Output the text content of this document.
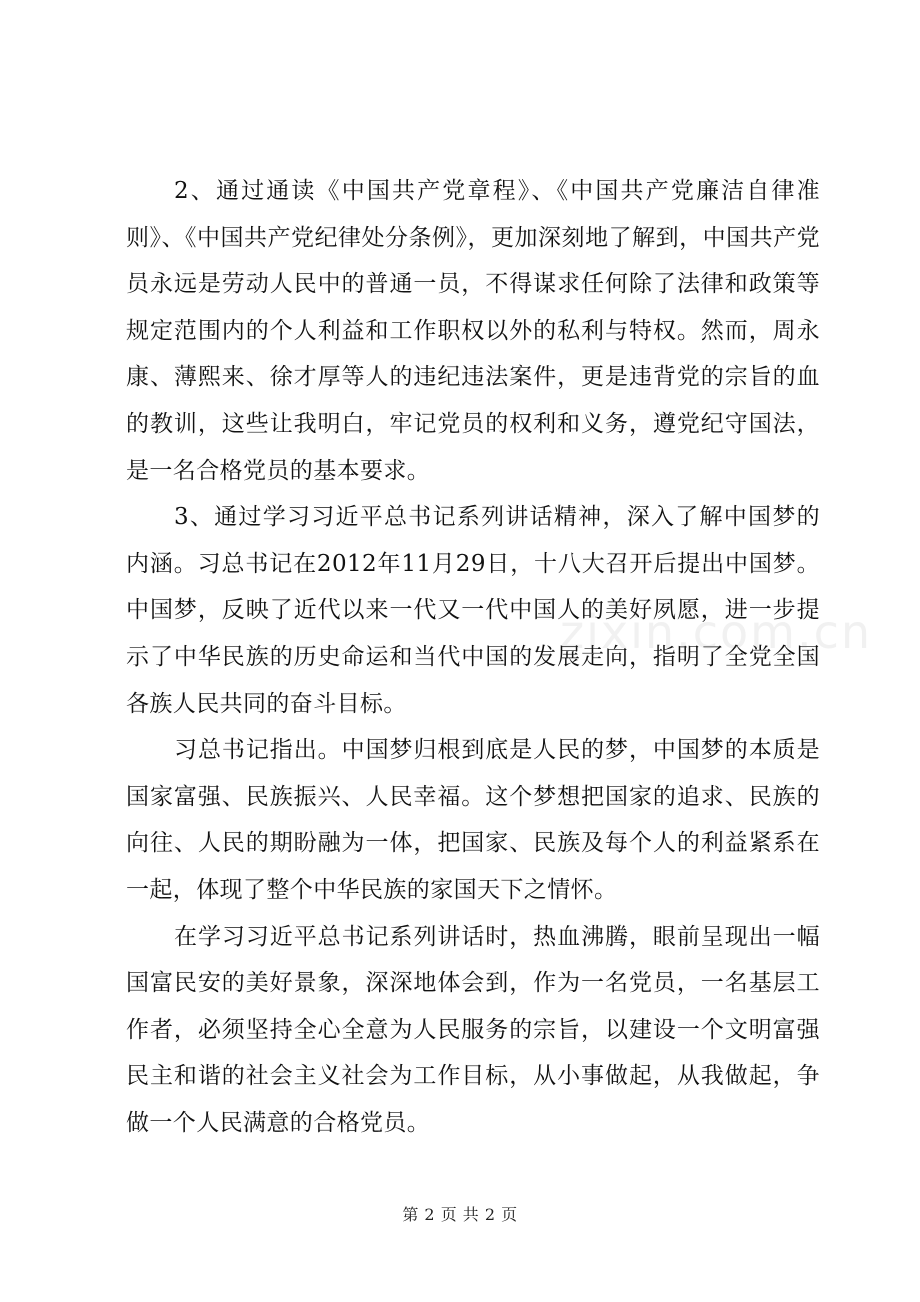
2、通过通读《中国共产党章程》、《中国共产党廉洁自律准则》、《中国共产党纪律处分条例》，更加深刻地了解到，中国共产党员永远是劳动人民中的普通一员，不得谋求任何除了法律和政策等规定范围内的个人利益和工作职权以外的私利与特权。然而，周永康、薄熙来、徐才厚等人的违纪违法案件，更是违背党的宗旨的血的教训，这些让我明白，牢记党员的权利和义务，遵党纪守国法，是一名合格党员的基本要求。

3、通过学习习近平总书记系列讲话精神，深入了解中国梦的内涵。习总书记在2012年11月29日，十八大召开后提出中国梦。中国梦，反映了近代以来一代又一代中国人的美好夙愿，进一步提示了中华民族的历史命运和当代中国的发展走向，指明了全党全国各族人民共同的奋斗目标。

习总书记指出。中国梦归根到底是人民的梦，中国梦的本质是国家富强、民族振兴、人民幸福。这个梦想把国家的追求、民族的向往、人民的期盼融为一体，把国家、民族及每个人的利益紧系在一起，体现了整个中华民族的家国天下之情怀。

在学习习近平总书记系列讲话时，热血沸腾，眼前呈现出一幅国富民安的美好景象，深深地体会到，作为一名党员，一名基层工作者，必须坚持全心全意为人民服务的宗旨，以建设一个文明富强民主和谐的社会主义社会为工作目标，从小事做起，从我做起，争做一个人民满意的合格党员。

zixin.com.cn
第 2 页 共 2 页
